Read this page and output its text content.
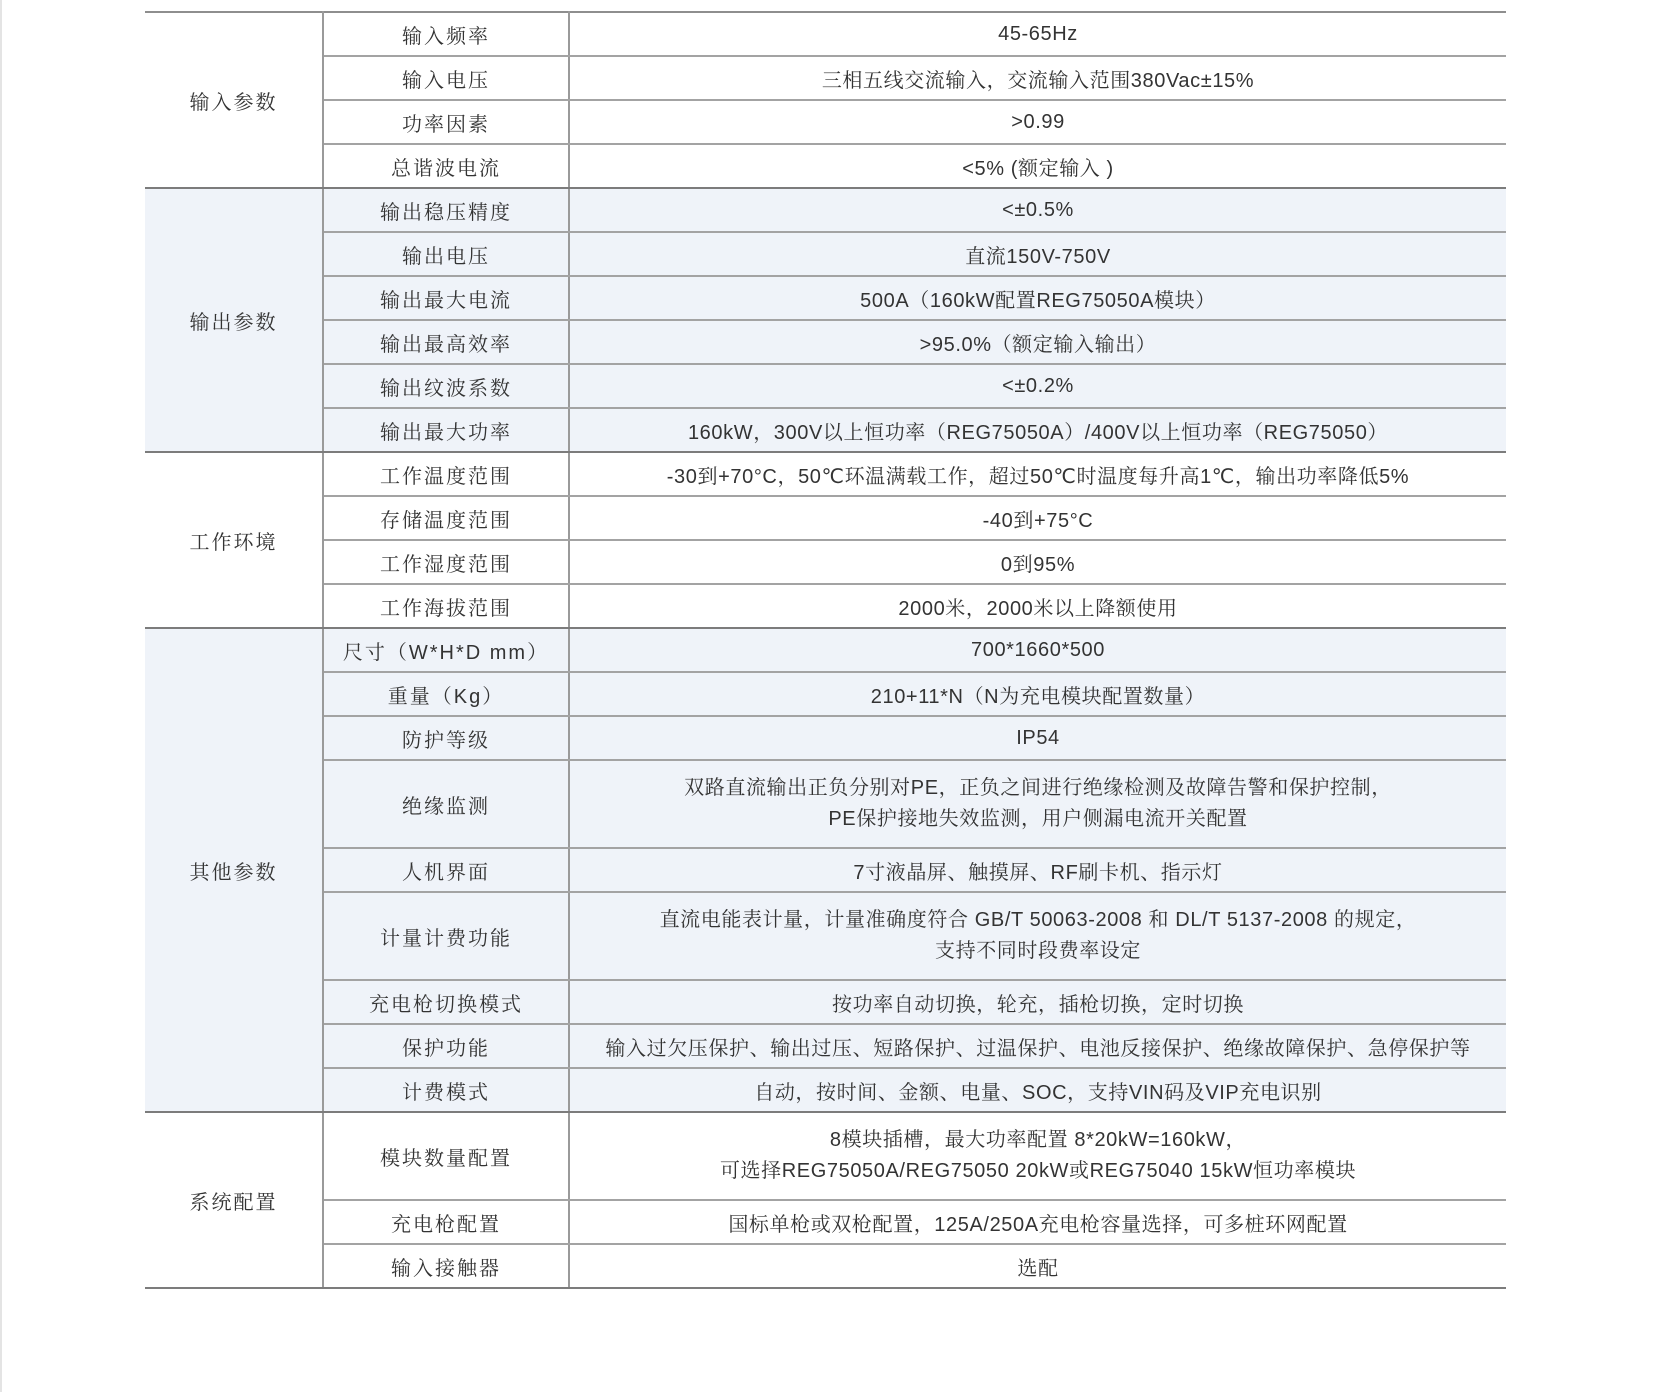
输入参数	输入频率	45-65Hz
	输入电压	三相五线交流输入，交流输入范围380Vac±15%
	功率因素	>0.99
	总谐波电流	<5% (额定输入 )
输出参数	输出稳压精度	<±0.5%
	输出电压	直流150V-750V
	输出最大电流	500A（160kW配置REG75050A模块）
	输出最高效率	>95.0%（额定输入输出）
	输出纹波系数	<±0.2%
	输出最大功率	160kW，300V以上恒功率（REG75050A）/400V以上恒功率（REG75050）
工作环境	工作温度范围	-30到+70°C，50℃环温满载工作，超过50℃时温度每升高1℃，输出功率降低5%
	存储温度范围	-40到+75°C
	工作湿度范围	0到95%
	工作海拔范围	2000米，2000米以上降额使用
其他参数	尺寸（W*H*D mm）	700*1660*500
	重量（Kg）	210+11*N（N为充电模块配置数量）
	防护等级	IP54
	绝缘监测	双路直流输出正负分别对PE，正负之间进行绝缘检测及故障告警和保护控制，
PE保护接地失效监测，用户侧漏电流开关配置

	人机界面	7寸液晶屏、触摸屏、RF刷卡机、指示灯
	计量计费功能	直流电能表计量，计量准确度符合 GB/T 50063-2008 和 DL/T 5137-2008 的规定，
支持不同时段费率设定

	充电枪切换模式	按功率自动切换，轮充，插枪切换，定时切换
	保护功能	输入过欠压保护、输出过压、短路保护、过温保护、电池反接保护、绝缘故障保护、急停保护等
	计费模式	自动，按时间、金额、电量、SOC，支持VIN码及VIP充电识别
系统配置	模块数量配置	8模块插槽，最大功率配置 8*20kW=160kW，
可选择REG75050A/REG75050 20kW或REG75040 15kW恒功率模块

	充电枪配置	国标单枪或双枪配置，125A/250A充电枪容量选择，可多桩环网配置
	输入接触器	选配
